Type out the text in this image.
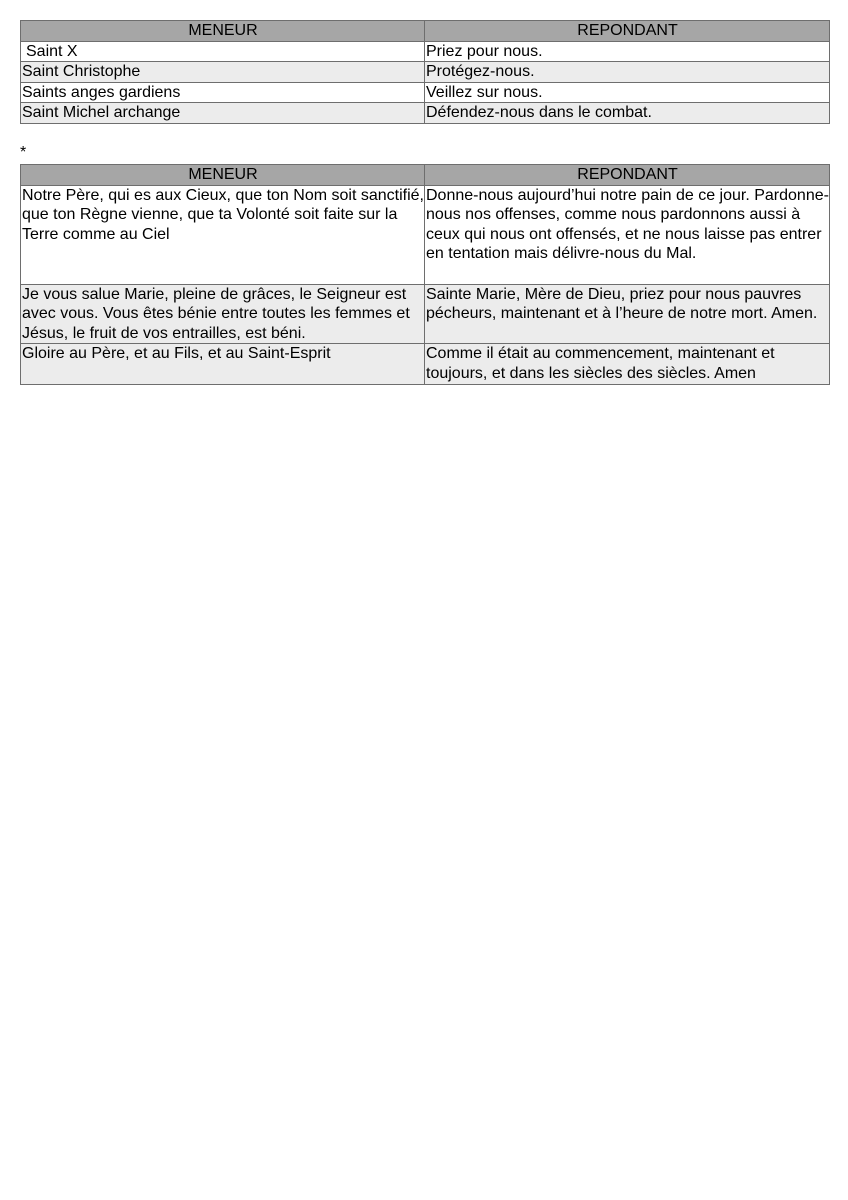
MENEUR	REPONDANT
Saint X	Priez pour nous.
Saint Christophe	Protégez-nous.
Saints anges gardiens	Veillez sur nous.
Saint Michel archange	Défendez-nous dans le combat.
*
MENEUR	REPONDANT
Notre Père, qui es aux Cieux, que ton Nom soit sanctifié, que ton Règne vienne, que ta Volonté soit faite sur la Terre comme au Ciel	Donne-nous aujourd’hui notre pain de ce jour. Pardonne-nous nos offenses, comme nous pardonnons aussi à ceux qui nous ont offensés, et ne nous laisse pas entrer en tentation mais délivre-nous du Mal.
Je vous salue Marie, pleine de grâces, le Seigneur est avec vous. Vous êtes bénie entre toutes les femmes et Jésus, le fruit de vos entrailles, est béni.	Sainte Marie, Mère de Dieu, priez pour nous pauvres pécheurs, maintenant et à l’heure de notre mort. Amen.
Gloire au Père, et au Fils, et au Saint-Esprit	Comme il était au commencement, maintenant et toujours, et dans les siècles des siècles. Amen
